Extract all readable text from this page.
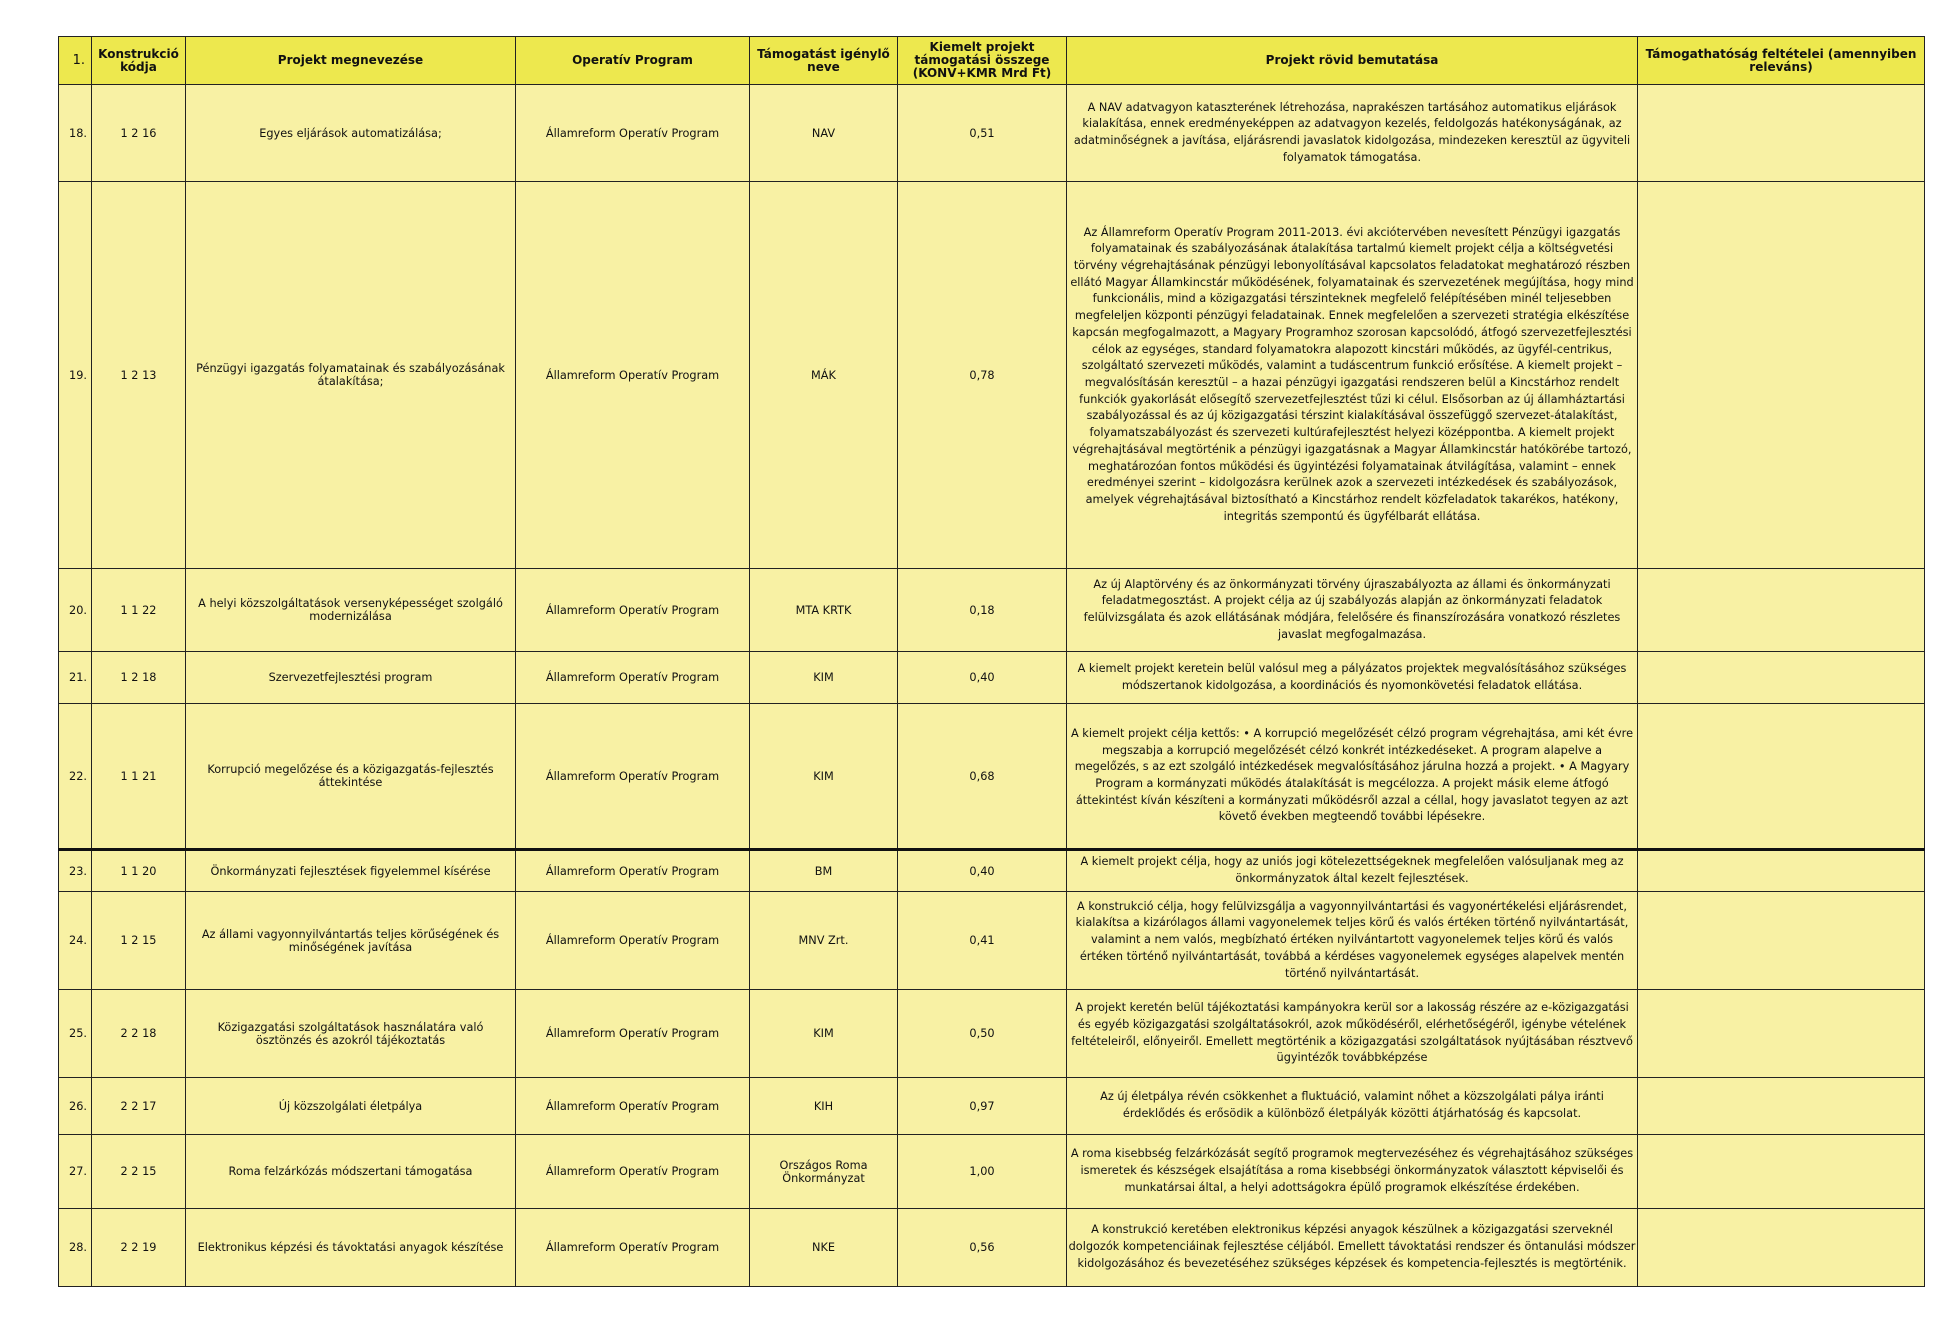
1.	Konstrukció kódja	Projekt megnevezése	Operatív Program	Támogatást igénylő neve	Kiemelt projekt támogatási összege (KONV+KMR Mrd Ft)	Projekt rövid bemutatása	Támogathatóság feltételei (amennyiben releváns)
18.	1 2 16	Egyes eljárások automatizálása;	Államreform Operatív Program	NAV	0,51	A NAV adatvagyon kataszterének létrehozása, naprakészen tartásához automatikus eljárások kialakítása, ennek eredményeképpen az adatvagyon kezelés, feldolgozás hatékonyságának, az adatminőségnek a javítása, eljárásrendi javaslatok kidolgozása, mindezeken keresztül az ügyviteli folyamatok támogatása.	
19.	1 2 13	Pénzügyi igazgatás folyamatainak és szabályozásának átalakítása;	Államreform Operatív Program	MÁK	0,78	Az Államreform Operatív Program 2011-2013. évi akciótervében nevesített Pénzügyi igazgatás folyamatainak és szabályozásának átalakítása tartalmú kiemelt projekt célja a költségvetési törvény végrehajtásának pénzügyi lebonyolításával kapcsolatos feladatokat meghatározó részben ellátó Magyar Államkincstár működésének, folyamatainak és szervezetének megújítása, hogy mind funkcionális, mind a közigazgatási térszinteknek megfelelő felépítésében minél teljesebben megfeleljen központi pénzügyi feladatainak. Ennek megfelelően a szervezeti stratégia elkészítése kapcsán megfogalmazott, a Magyary Programhoz szorosan kapcsolódó, átfogó szervezetfejlesztési célok az egységes, standard folyamatokra alapozott kincstári működés, az ügyfél-centrikus, szolgáltató szervezeti működés, valamint a tudáscentrum funkció erősítése. A kiemelt projekt – megvalósításán keresztül – a hazai pénzügyi igazgatási rendszeren belül a Kincstárhoz rendelt funkciók gyakorlását elősegítő szervezetfejlesztést tűzi ki célul. Elsősorban az új államháztartási szabályozással és az új közigazgatási térszint kialakításával összefüggő szervezet-átalakítást, folyamatszabályozást és szervezeti kultúrafejlesztést helyezi középpontba. A kiemelt projekt végrehajtásával megtörténik a pénzügyi igazgatásnak a Magyar Államkincstár hatókörébe tartozó, meghatározóan fontos működési és ügyintézési folyamatainak átvilágítása, valamint – ennek eredményei szerint – kidolgozásra kerülnek azok a szervezeti intézkedések és szabályozások, amelyek végrehajtásával biztosítható a Kincstárhoz rendelt közfeladatok takarékos, hatékony, integritás szempontú és ügyfélbarát ellátása.	
20.	1 1 22	A helyi közszolgáltatások versenyképességet szolgáló modernizálása	Államreform Operatív Program	MTA KRTK	0,18	Az új Alaptörvény és az önkormányzati törvény újraszabályozta az állami és önkormányzati feladatmegosztást. A projekt célja az új szabályozás alapján az önkormányzati feladatok felülvizsgálata és azok ellátásának módjára, felelősére és finanszírozására vonatkozó részletes javaslat megfogalmazása.	
21.	1 2 18	Szervezetfejlesztési program	Államreform Operatív Program	KIM	0,40	A kiemelt projekt keretein belül valósul meg a pályázatos projektek megvalósításához szükséges módszertanok kidolgozása, a koordinációs és nyomonkövetési feladatok ellátása.	
22.	1 1 21	Korrupció megelőzése és a közigazgatás-fejlesztés áttekintése	Államreform Operatív Program	KIM	0,68	A kiemelt projekt célja kettős: • A korrupció megelőzését célzó program végrehajtása, ami két évre megszabja a korrupció megelőzését célzó konkrét intézkedéseket. A program alapelve a megelőzés, s az ezt szolgáló intézkedések megvalósításához járulna hozzá a projekt. • A Magyary Program a kormányzati működés átalakítását is megcélozza. A projekt másik eleme átfogó áttekintést kíván készíteni a kormányzati működésről azzal a céllal, hogy javaslatot tegyen az azt követő években megteendő további lépésekre.	
23.	1 1 20	Önkormányzati fejlesztések figyelemmel kísérése	Államreform Operatív Program	BM	0,40	A kiemelt projekt célja, hogy az uniós jogi kötelezettségeknek megfelelően valósuljanak meg az önkormányzatok által kezelt fejlesztések.	
24.	1 2 15	Az állami vagyonnyilvántartás teljes körűségének és minőségének javítása	Államreform Operatív Program	MNV Zrt.	0,41	A konstrukció célja, hogy felülvizsgálja a vagyonnyilvántartási és vagyonértékelési eljárásrendet, kialakítsa a kizárólagos állami vagyonelemek teljes körű és valós értéken történő nyilvántartását, valamint a nem valós, megbízható értéken nyilvántartott vagyonelemek teljes körű és valós értéken történő nyilvántartását, továbbá a kérdéses vagyonelemek egységes alapelvek mentén történő nyilvántartását.	
25.	2 2 18	Közigazgatási szolgáltatások használatára való ösztönzés és azokról tájékoztatás	Államreform Operatív Program	KIM	0,50	A projekt keretén belül tájékoztatási kampányokra kerül sor a lakosság részére az e-közigazgatási és egyéb közigazgatási szolgáltatásokról, azok működéséről, elérhetőségéről, igénybe vételének feltételeiről, előnyeiről. Emellett megtörténik a közigazgatási szolgáltatások nyújtásában résztvevő ügyintézők továbbképzése	
26.	2 2 17	Új közszolgálati életpálya	Államreform Operatív Program	KIH	0,97	Az új életpálya révén csökkenhet a fluktuáció, valamint nőhet a közszolgálati pálya iránti érdeklődés és erősödik a különböző életpályák közötti átjárhatóság és kapcsolat.	
27.	2 2 15	Roma felzárkózás módszertani támogatása	Államreform Operatív Program	Országos Roma Önkormányzat	1,00	A roma kisebbség felzárkózását segítő programok megtervezéséhez és végrehajtásához szükséges ismeretek és készségek elsajátítása a roma kisebbségi önkormányzatok választott képviselői és munkatársai által, a helyi adottságokra épülő programok elkészítése érdekében.	
28.	2 2 19	Elektronikus képzési és távoktatási anyagok készítése	Államreform Operatív Program	NKE	0,56	A konstrukció keretében elektronikus képzési anyagok készülnek a közigazgatási szerveknél dolgozók kompetenciáinak fejlesztése céljából. Emellett távoktatási rendszer és öntanulási módszer kidolgozásához és bevezetéséhez szükséges képzések és kompetencia-fejlesztés is megtörténik.	
